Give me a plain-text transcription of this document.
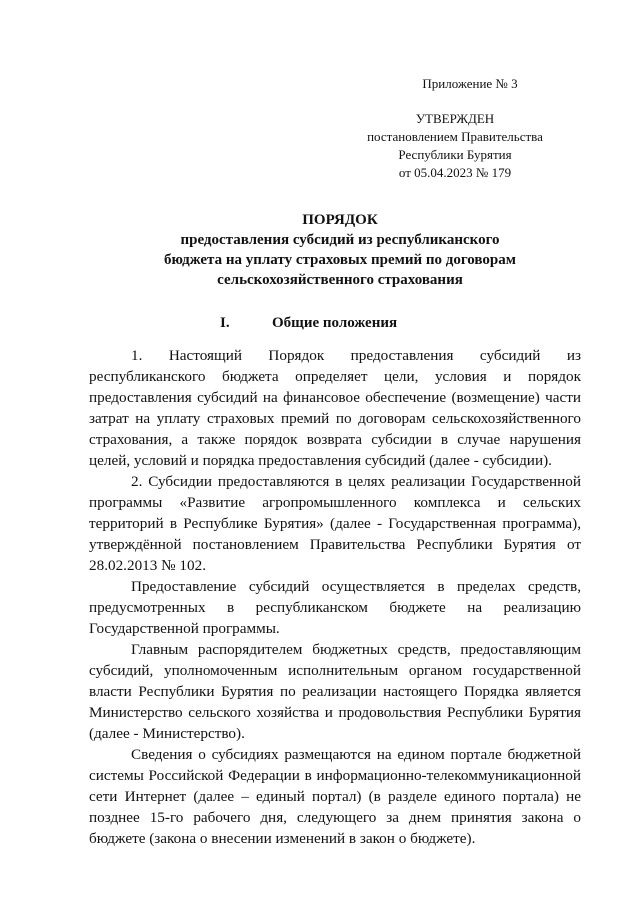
Приложение № 3
УТВЕРЖДЕН
постановлением Правительства
Республики Бурятия
от 05.04.2023 № 179
ПОРЯДОК
предоставления субсидий из республиканского
бюджета на уплату страховых премий по договорам
сельскохозяйственного страхования
I.	Общие положения

1. Настоящий Порядок предоставления субсидий из республиканского бюджета определяет цели, условия и порядок предоставления субсидий на финансовое обеспечение (возмещение) части затрат на уплату страховых премий по договорам сельскохозяйственного страхования, а также порядок возврата субсидии в случае нарушения целей, условий и порядка предоставления субсидий (далее - субсидии).

2. Субсидии предоставляются в целях реализации Государственной программы «Развитие агропромышленного комплекса и сельских территорий в Республике Бурятия» (далее - Государственная программа), утверждённой постановлением Правительства Республики Бурятия от 28.02.2013 № 102.

Предоставление субсидий осуществляется в пределах средств, предусмотренных в республиканском бюджете на реализацию Государственной программы.

Главным распорядителем бюджетных средств, предоставляющим субсидий, уполномоченным исполнительным органом государственной власти Республики Бурятия по реализации настоящего Порядка является Министерство сельского хозяйства и продовольствия Республики Бурятия (далее - Министерство).

Сведения о субсидиях размещаются на едином портале бюджетной системы Российской Федерации в информационно-телекоммуникационной сети Интернет (далее – единый портал) (в разделе единого портала) не позднее 15-го рабочего дня, следующего за днем принятия закона о бюджете (закона о внесении изменений в закон о бюджете).
